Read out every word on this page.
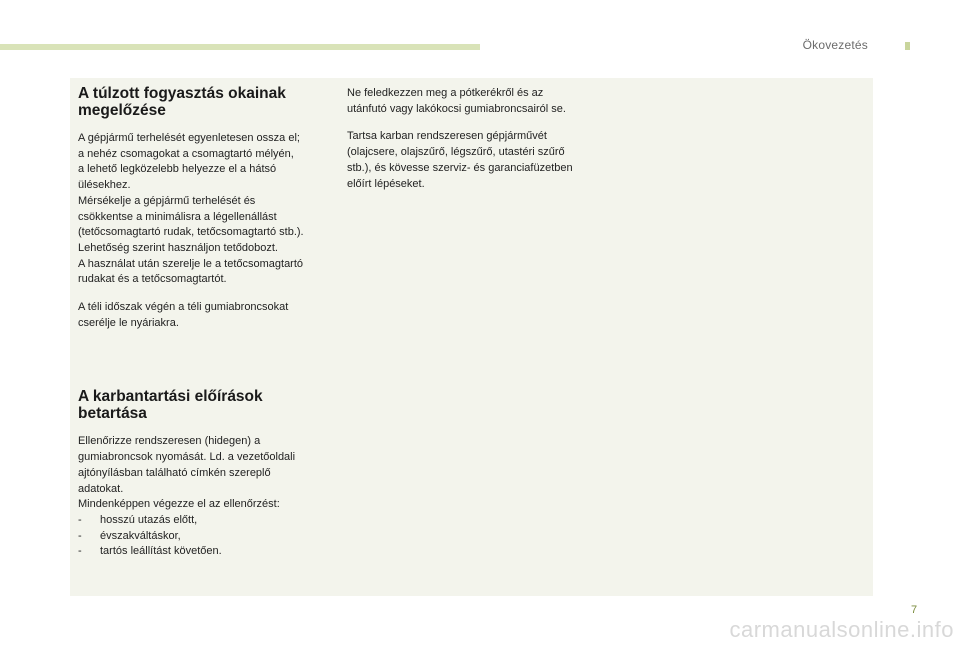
Ökovezetés
A túlzott fogyasztás okainak
megelőzése

A gépjármű terhelését egyenletesen ossza el;
a nehéz csomagokat a csomagtartó mélyén,
a lehető legközelebb helyezze el a hátsó
ülésekhez.
Mérsékelje a gépjármű terhelését és
csökkentse a minimálisra a légellenállást
(tetőcsomagtartó rudak, tetőcsomagtartó stb.).
Lehetőség szerint használjon tetődobozt.
A használat után szerelje le a tetőcsomagtartó
rudakat és a tetőcsomagtartót.

A téli időszak végén a téli gumiabroncsokat
cserélje le nyáriakra.

A karbantartási előírások
betartása

Ellenőrizze rendszeresen (hidegen) a
gumiabroncsok nyomását. Ld. a vezetőoldali
ajtónyílásban található címkén szereplő
adatokat.
Mindenképpen végezze el az ellenőrzést:
- hosszú utazás előtt,
- évszakváltáskor,
- tartós leállítást követően.

Ne feledkezzen meg a pótkerékről és az
utánfutó vagy lakókocsi gumiabroncsairól se.

Tartsa karban rendszeresen gépjárművét
(olajcsere, olajszűrő, légszűrő, utastéri szűrő
stb.), és kövesse szerviz- és garanciafüzetben
előírt lépéseket.

7
carmanualsonline.info
